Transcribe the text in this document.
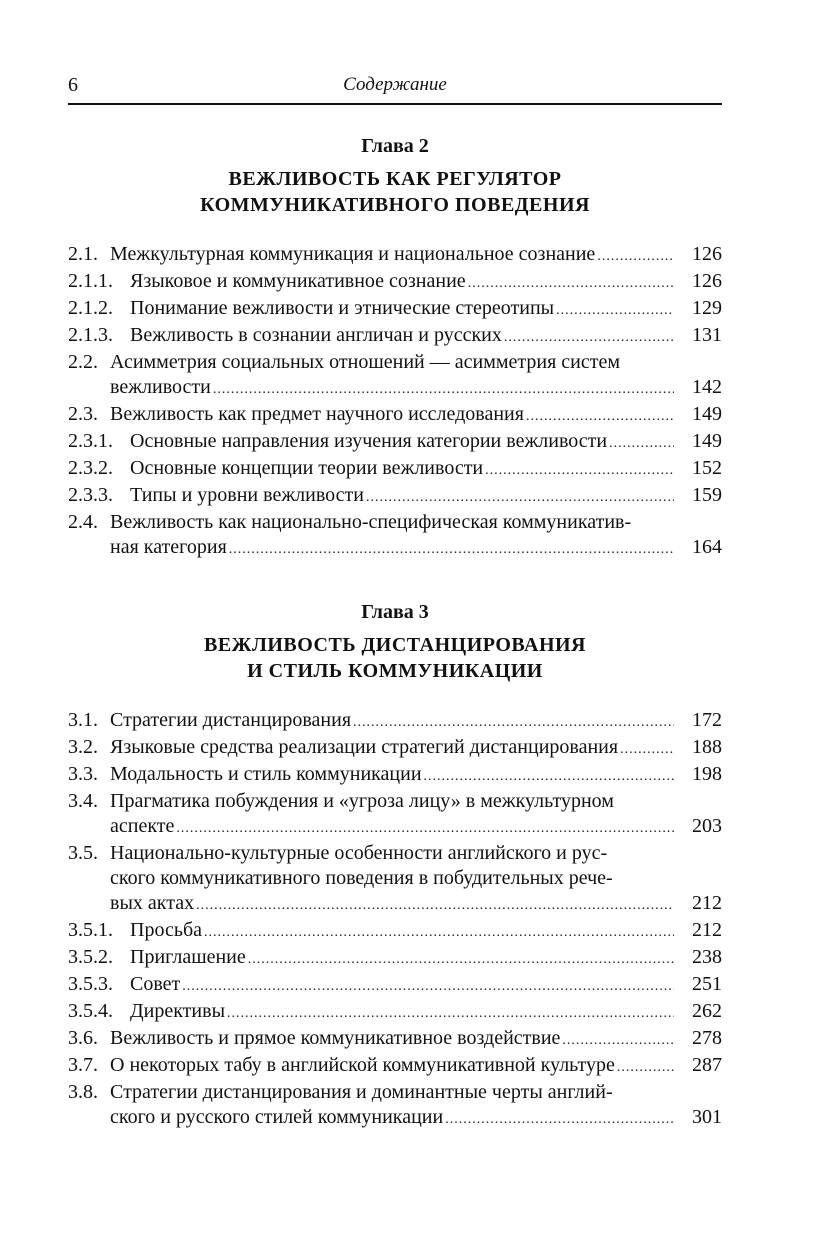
6	Содержание
Глава 2
ВЕЖЛИВОСТЬ КАК РЕГУЛЯТОР
КОММУНИКАТИВНОГО ПОВЕДЕНИЯ
2.1. Межкультурная коммуникация и национальное сознание .....	126
2.1.1. Языковое и коммуникативное сознание .....	126
2.1.2. Понимание вежливости и этнические стереотипы .....	129
2.1.3. Вежливость в сознании англичан и русских .....	131
2.2. Асимметрия социальных отношений — асимметрия систем
вежливости .....	142
2.3. Вежливость как предмет научного исследования .....	149
2.3.1. Основные направления изучения категории вежливости .....	149
2.3.2. Основные концепции теории вежливости .....	152
2.3.3. Типы и уровни вежливости .....	159
2.4. Вежливость как национально-специфическая коммуникатив-
ная категория .....	164
Глава 3
ВЕЖЛИВОСТЬ ДИСТАНЦИРОВАНИЯ
И СТИЛЬ КОММУНИКАЦИИ
3.1. Стратегии дистанцирования .....	172
3.2. Языковые средства реализации стратегий дистанцирования .....	188
3.3. Модальность и стиль коммуникации .....	198
3.4. Прагматика побуждения и «угроза лицу» в межкультурном
аспекте .....	203
3.5. Национально-культурные особенности английского и рус-
ского коммуникативного поведения в побудительных рече-
вых актах .....	212
3.5.1. Просьба .....	212
3.5.2. Приглашение .....	238
3.5.3. Совет .....	251
3.5.4. Директивы .....	262
3.6. Вежливость и прямое коммуникативное воздействие .....	278
3.7. О некоторых табу в английской коммуникативной культуре .....	287
3.8. Стратегии дистанцирования и доминантные черты англий-
ского и русского стилей коммуникации .....	301
